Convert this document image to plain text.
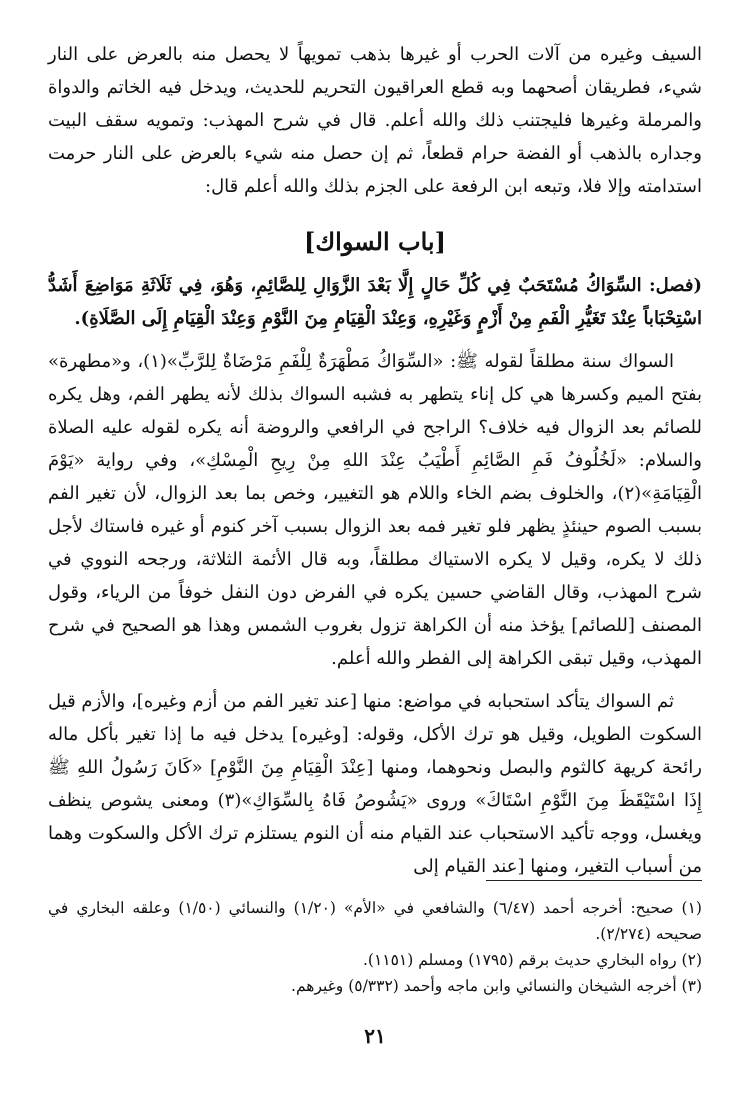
السيف وغيره من آلات الحرب أو غيرها بذهب تمويهاً لا يحصل منه بالعرض على النار شيء، فطريقان أصحهما وبه قطع العراقيون التحريم للحديث، ويدخل فيه الخاتم والدواة والمرملة وغيرها فليجتنب ذلك والله أعلم. قال في شرح المهذب: وتمويه سقف البيت وجداره بالذهب أو الفضة حرام قطعاً، ثم إن حصل منه شيء بالعرض على النار حرمت استدامته وإلا فلا، وتبعه ابن الرفعة على الجزم بذلك والله أعلم قال:

[باب السواك]

(فصل: السِّوَاكُ مُسْتَحَبٌ فِي كُلِّ حَالٍ إِلَّا بَعْدَ الزَّوَالِ لِلصَّائِمِ، وَهُوَ، فِي ثَلَاثَةِ مَوَاضِعَ أَشَدُّ اسْتِحْبَاباً عِنْدَ تَغَيُّرِ الْفَمِ مِنْ أَزْمٍ وَغَيْرِهِ، وَعِنْدَ الْقِيَامِ مِنَ النَّوْمِ وَعِنْدَ الْقِيَامِ إِلَى الصَّلَاةِ).

السواك سنة مطلقاً لقوله ﷺ: «السِّوَاكُ مَطْهَرَةٌ لِلْفَمِ مَرْضَاةٌ لِلرَّبِّ»(١)، و«مطهرة» بفتح الميم وكسرها هي كل إناء يتطهر به فشبه السواك بذلك لأنه يطهر الفم، وهل يكره للصائم بعد الزوال فيه خلاف؟ الراجح في الرافعي والروضة أنه يكره لقوله عليه الصلاة والسلام: «لَخُلُوفُ فَمِ الصَّائِمِ أَطْيَبُ عِنْدَ اللهِ مِنْ رِيحِ الْمِسْكِ»، وفي رواية «يَوْمَ الْقِيَامَةِ»(٢)، والخلوف بضم الخاء واللام هو التغيير، وخص بما بعد الزوال، لأن تغير الفم بسبب الصوم حينئذٍ يظهر فلو تغير فمه بعد الزوال بسبب آخر كنوم أو غيره فاستاك لأجل ذلك لا يكره، وقيل لا يكره الاستياك مطلقاً، وبه قال الأئمة الثلاثة، ورجحه النووي في شرح المهذب، وقال القاضي حسين يكره في الفرض دون النفل خوفاً من الرياء، وقول المصنف [للصائم] يؤخذ منه أن الكراهة تزول بغروب الشمس وهذا هو الصحيح في شرح المهذب، وقيل تبقى الكراهة إلى الفطر والله أعلم.

ثم السواك يتأكد استحبابه في مواضع: منها [عند تغير الفم من أزم وغيره]، والأزم قيل السكوت الطويل، وقيل هو ترك الأكل، وقوله: [وغيره] يدخل فيه ما إذا تغير بأكل ماله رائحة كريهة كالثوم والبصل ونحوهما، ومنها [عِنْدَ الْقِيَامِ مِنَ النَّوْمِ] «كَانَ رَسُولُ اللهِ ﷺ إِذَا اسْتَيْقَظَ مِنَ النَّوْمِ اسْتَاكَ» وروى «يَشُوصُ فَاهُ بِالسِّوَاكِ»(٣) ومعنى يشوص ينظف ويغسل، ووجه تأكيد الاستحباب عند القيام منه أن النوم يستلزم ترك الأكل والسكوت وهما من أسباب التغير، ومنها [عند القيام إلى

(١) صحيح: أخرجه أحمد (٦/٤٧) والشافعي في «الأم» (١/٢٠) والنسائي (١/٥٠) وعلقه البخاري في صحيحه (٢/٢٧٤).

(٢) رواه البخاري حديث برقم (١٧٩٥) ومسلم (١١٥١).

(٣) أخرجه الشيخان والنسائي وابن ماجه وأحمد (٥/٣٣٢) وغيرهم.

٢١
